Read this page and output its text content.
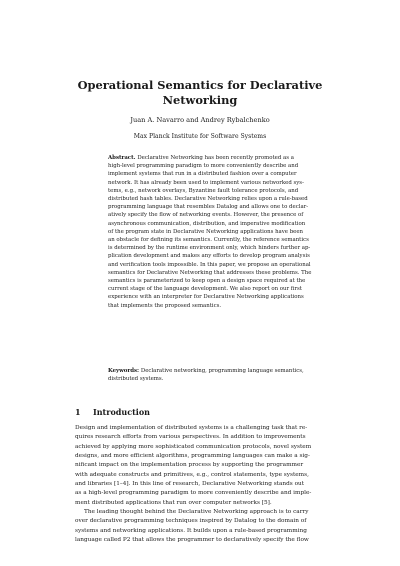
Operational Semantics for Declarative
Networking
Juan A. Navarro and Andrey Rybalchenko
Max Planck Institute for Software Systems
Abstract. Declarative Networking has been recently promoted as a
high-level programming paradigm to more conveniently describe and
implement systems that run in a distributed fashion over a computer
network. It has already been used to implement various networked sys-
tems, e.g., network overlays, Byzantine fault tolerance protocols, and
distributed hash tables. Declarative Networking relies upon a rule-based
programming language that resembles Datalog and allows one to declar-
atively specify the flow of networking events. However, the presence of
asynchronous communication, distribution, and imperative modification
of the program state in Declarative Networking applications have been
an obstacle for defining its semantics. Currently, the reference semantics
is determined by the runtime environment only, which hinders further ap-
plication development and makes any efforts to develop program analysis
and verification tools impossible. In this paper, we propose an operational
semantics for Declarative Networking that addresses these problems. The
semantics is parameterized to keep open a design space required at the
current stage of the language development. We also report on our first
experience with an interpreter for Declarative Networking applications
that implements the proposed semantics.
Keywords: Declarative networking, programming language semantics,
distributed systems.
1 Introduction
Design and implementation of distributed systems is a challenging task that re-
quires research efforts from various perspectives. In addition to improvements
achieved by applying more sophisticated communication protocols, novel system
designs, and more efficient algorithms, programming languages can make a sig-
nificant impact on the implementation process by supporting the programmer
with adequate constructs and primitives, e.g., control statements, type systems,
and libraries [1–4]. In this line of research, Declarative Networking stands out
as a high-level programming paradigm to more conveniently describe and imple-
ment distributed applications that run over computer networks [5].
The leading thought behind the Declarative Networking approach is to carry
over declarative programming techniques inspired by Datalog to the domain of
systems and networking applications. It builds upon a rule-based programming
language called P2 that allows the programmer to declaratively specify the flow
